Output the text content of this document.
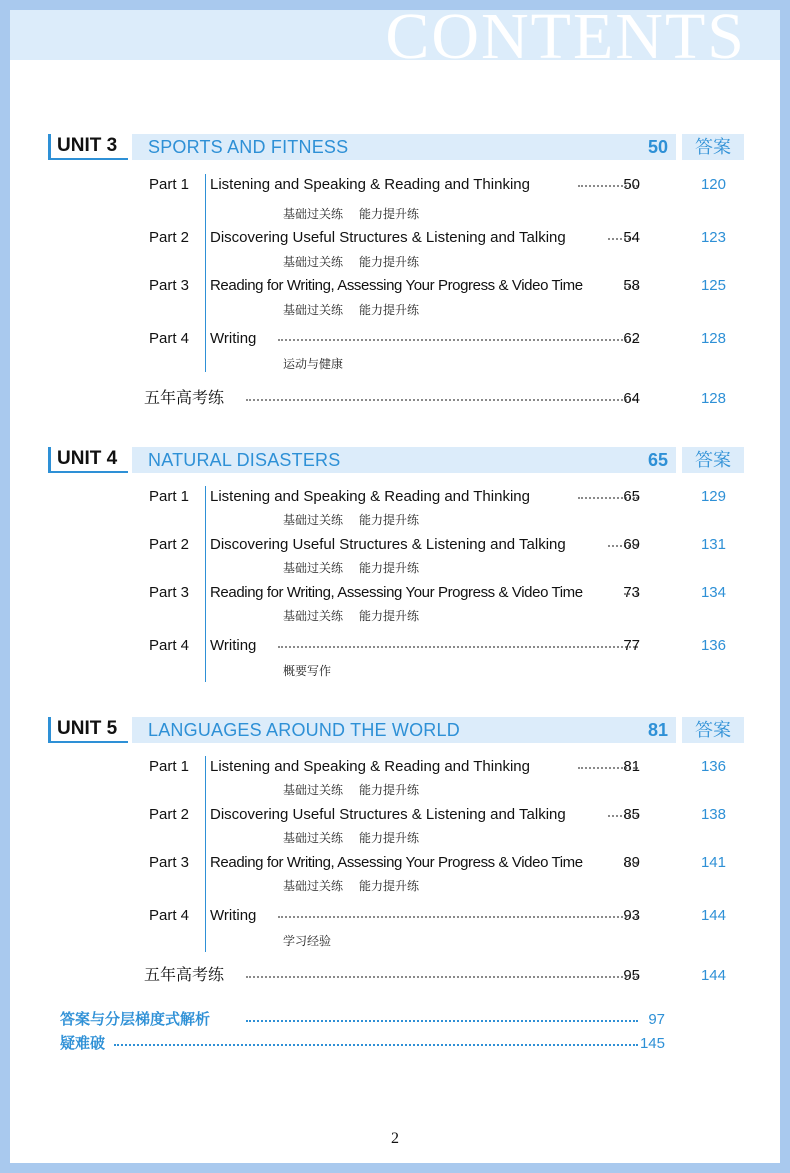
CONTENTS
UNIT 3	SPORTS AND FITNESS	50	答案
Part 1 Listening and Speaking & Reading and Thinking	50	120
基础过关练 能力提升练
Part 2 Discovering Useful Structures & Listening and Talking	54	123
基础过关练 能力提升练
Part 3 Reading for Writing, Assessing Your Progress & Video Time	58	125
基础过关练 能力提升练
Part 4 Writing	62	128
运动与健康
五年高考练	64	128
UNIT 4	NATURAL DISASTERS	65	答案
Part 1 Listening and Speaking & Reading and Thinking	65	129
基础过关练 能力提升练
Part 2 Discovering Useful Structures & Listening and Talking	69	131
基础过关练 能力提升练
Part 3 Reading for Writing, Assessing Your Progress & Video Time	73	134
基础过关练 能力提升练
Part 4 Writing	77	136
概要写作
UNIT 5	LANGUAGES AROUND THE WORLD	81	答案
Part 1 Listening and Speaking & Reading and Thinking	81	136
基础过关练 能力提升练
Part 2 Discovering Useful Structures & Listening and Talking	85	138
基础过关练 能力提升练
Part 3 Reading for Writing, Assessing Your Progress & Video Time	89	141
基础过关练 能力提升练
Part 4 Writing	93	144
学习经验
五年高考练	95	144
答案与分层梯度式解析	97
疑难破	145
2
